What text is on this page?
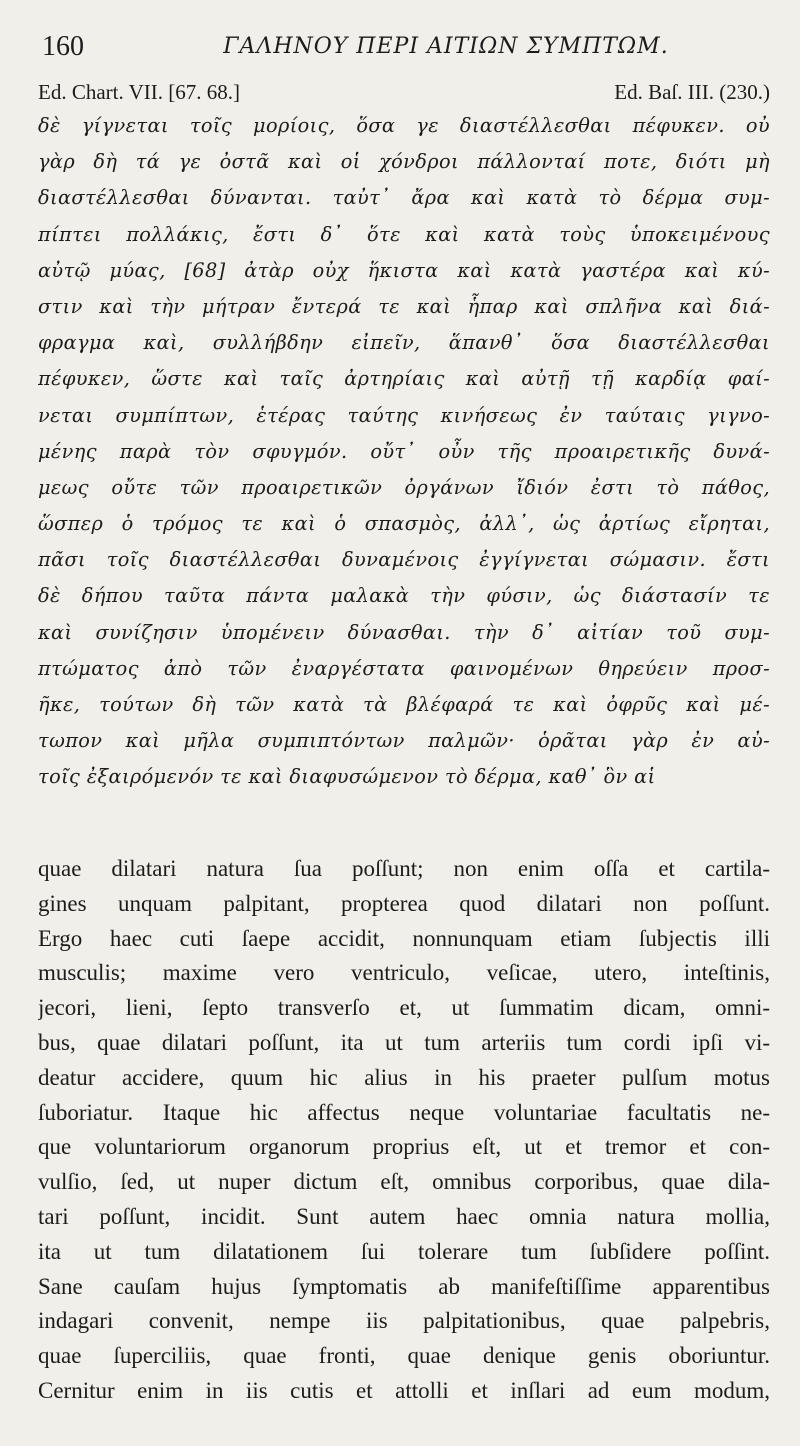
160	ΓΑΛΗΝΟΥ ΠΕΡΙ ΑΙΤΙΩΝ ΣΥΜΠΤΩΜ.
Ed. Chart. VII. [67. 68.]	Ed. Baſ. III. (230.)
δὲ γίγνεται τοῖς μορίοις, ὅσα γε διαστέλλεσθαι πέφυκεν. οὐ
γὰρ δὴ τά γε ὀστᾶ καὶ οἱ χόνδροι πάλλονταί ποτε, διότι μὴ
διαστέλλεσθαι δύνανται. ταὐτ᾽ ἄρα καὶ κατὰ τὸ δέρμα συμ-
πίπτει πολλάκις, ἔστι δ᾽ ὅτε καὶ κατὰ τοὺς ὑποκειμένους
αὐτῷ μύας, [68] ἀτὰρ οὐχ ἥκιστα καὶ κατὰ γαστέρα καὶ κύ-
στιν καὶ τὴν μήτραν ἔντερά τε καὶ ἧπαρ καὶ σπλῆνα καὶ διά-
φραγμα καὶ, συλλήβδην εἰπεῖν, ἅπανθ᾽ ὅσα διαστέλλεσθαι
πέφυκεν, ὥστε καὶ ταῖς ἀρτηρίαις καὶ αὐτῇ τῇ καρδίᾳ φαί-
νεται συμπίπτων, ἑτέρας ταύτης κινήσεως ἐν ταύταις γιγνο-
μένης παρὰ τὸν σφυγμόν. οὔτ᾽ οὖν τῆς προαιρετικῆς δυνά-
μεως οὔτε τῶν προαιρετικῶν ὀργάνων ἴδιόν ἐστι τὸ πάθος,
ὥσπερ ὁ τρόμος τε καὶ ὁ σπασμὸς, ἀλλ᾽, ὡς ἀρτίως εἴρηται,
πᾶσι τοῖς διαστέλλεσθαι δυναμένοις ἐγγίγνεται σώμασιν. ἔστι
δὲ δήπου ταῦτα πάντα μαλακὰ τὴν φύσιν, ὡς διάστασίν τε
καὶ συνίζησιν ὑπομένειν δύνασθαι. τὴν δ᾽ αἰτίαν τοῦ συμ-
πτώματος ἀπὸ τῶν ἐναργέστατα φαινομένων θηρεύειν προσ-
ῆκε, τούτων δὴ τῶν κατὰ τὰ βλέφαρά τε καὶ ὀφρῦς καὶ μέ-
τωπον καὶ μῆλα συμπιπτόντων παλμῶν· ὁρᾶται γὰρ ἐν αὐ-
τοῖς ἐξαιρόμενόν τε καὶ διαφυσώμενον τὸ δέρμα, καθ᾽ ὃν αἱ
quae dilatari natura ſua poſſunt; non enim oſſa et cartila-
gines unquam palpitant, propterea quod dilatari non poſſunt.
Ergo haec cuti ſaepe accidit, nonnunquam etiam ſubjectis illi
musculis; maxime vero ventriculo, veſicae, utero, inteſtinis,
jecori, lieni, ſepto transverſo et, ut ſummatim dicam, omni-
bus, quae dilatari poſſunt, ita ut tum arteriis tum cordi ipſi vi-
deatur accidere, quum hic alius in his praeter pulſum motus
ſuboriatur. Itaque hic affectus neque voluntariae facultatis ne-
que voluntariorum organorum proprius eſt, ut et tremor et con-
vulſio, ſed, ut nuper dictum eſt, omnibus corporibus, quae dila-
tari poſſunt, incidit. Sunt autem haec omnia natura mollia,
ita ut tum dilatationem ſui tolerare tum ſubſidere poſſint.
Sane cauſam hujus ſymptomatis ab manifeſtiſſime apparentibus
indagari convenit, nempe iis palpitationibus, quae palpebris,
quae ſuperciliis, quae fronti, quae denique genis oboriuntur.
Cernitur enim in iis cutis et attolli et inſlari ad eum modum,
